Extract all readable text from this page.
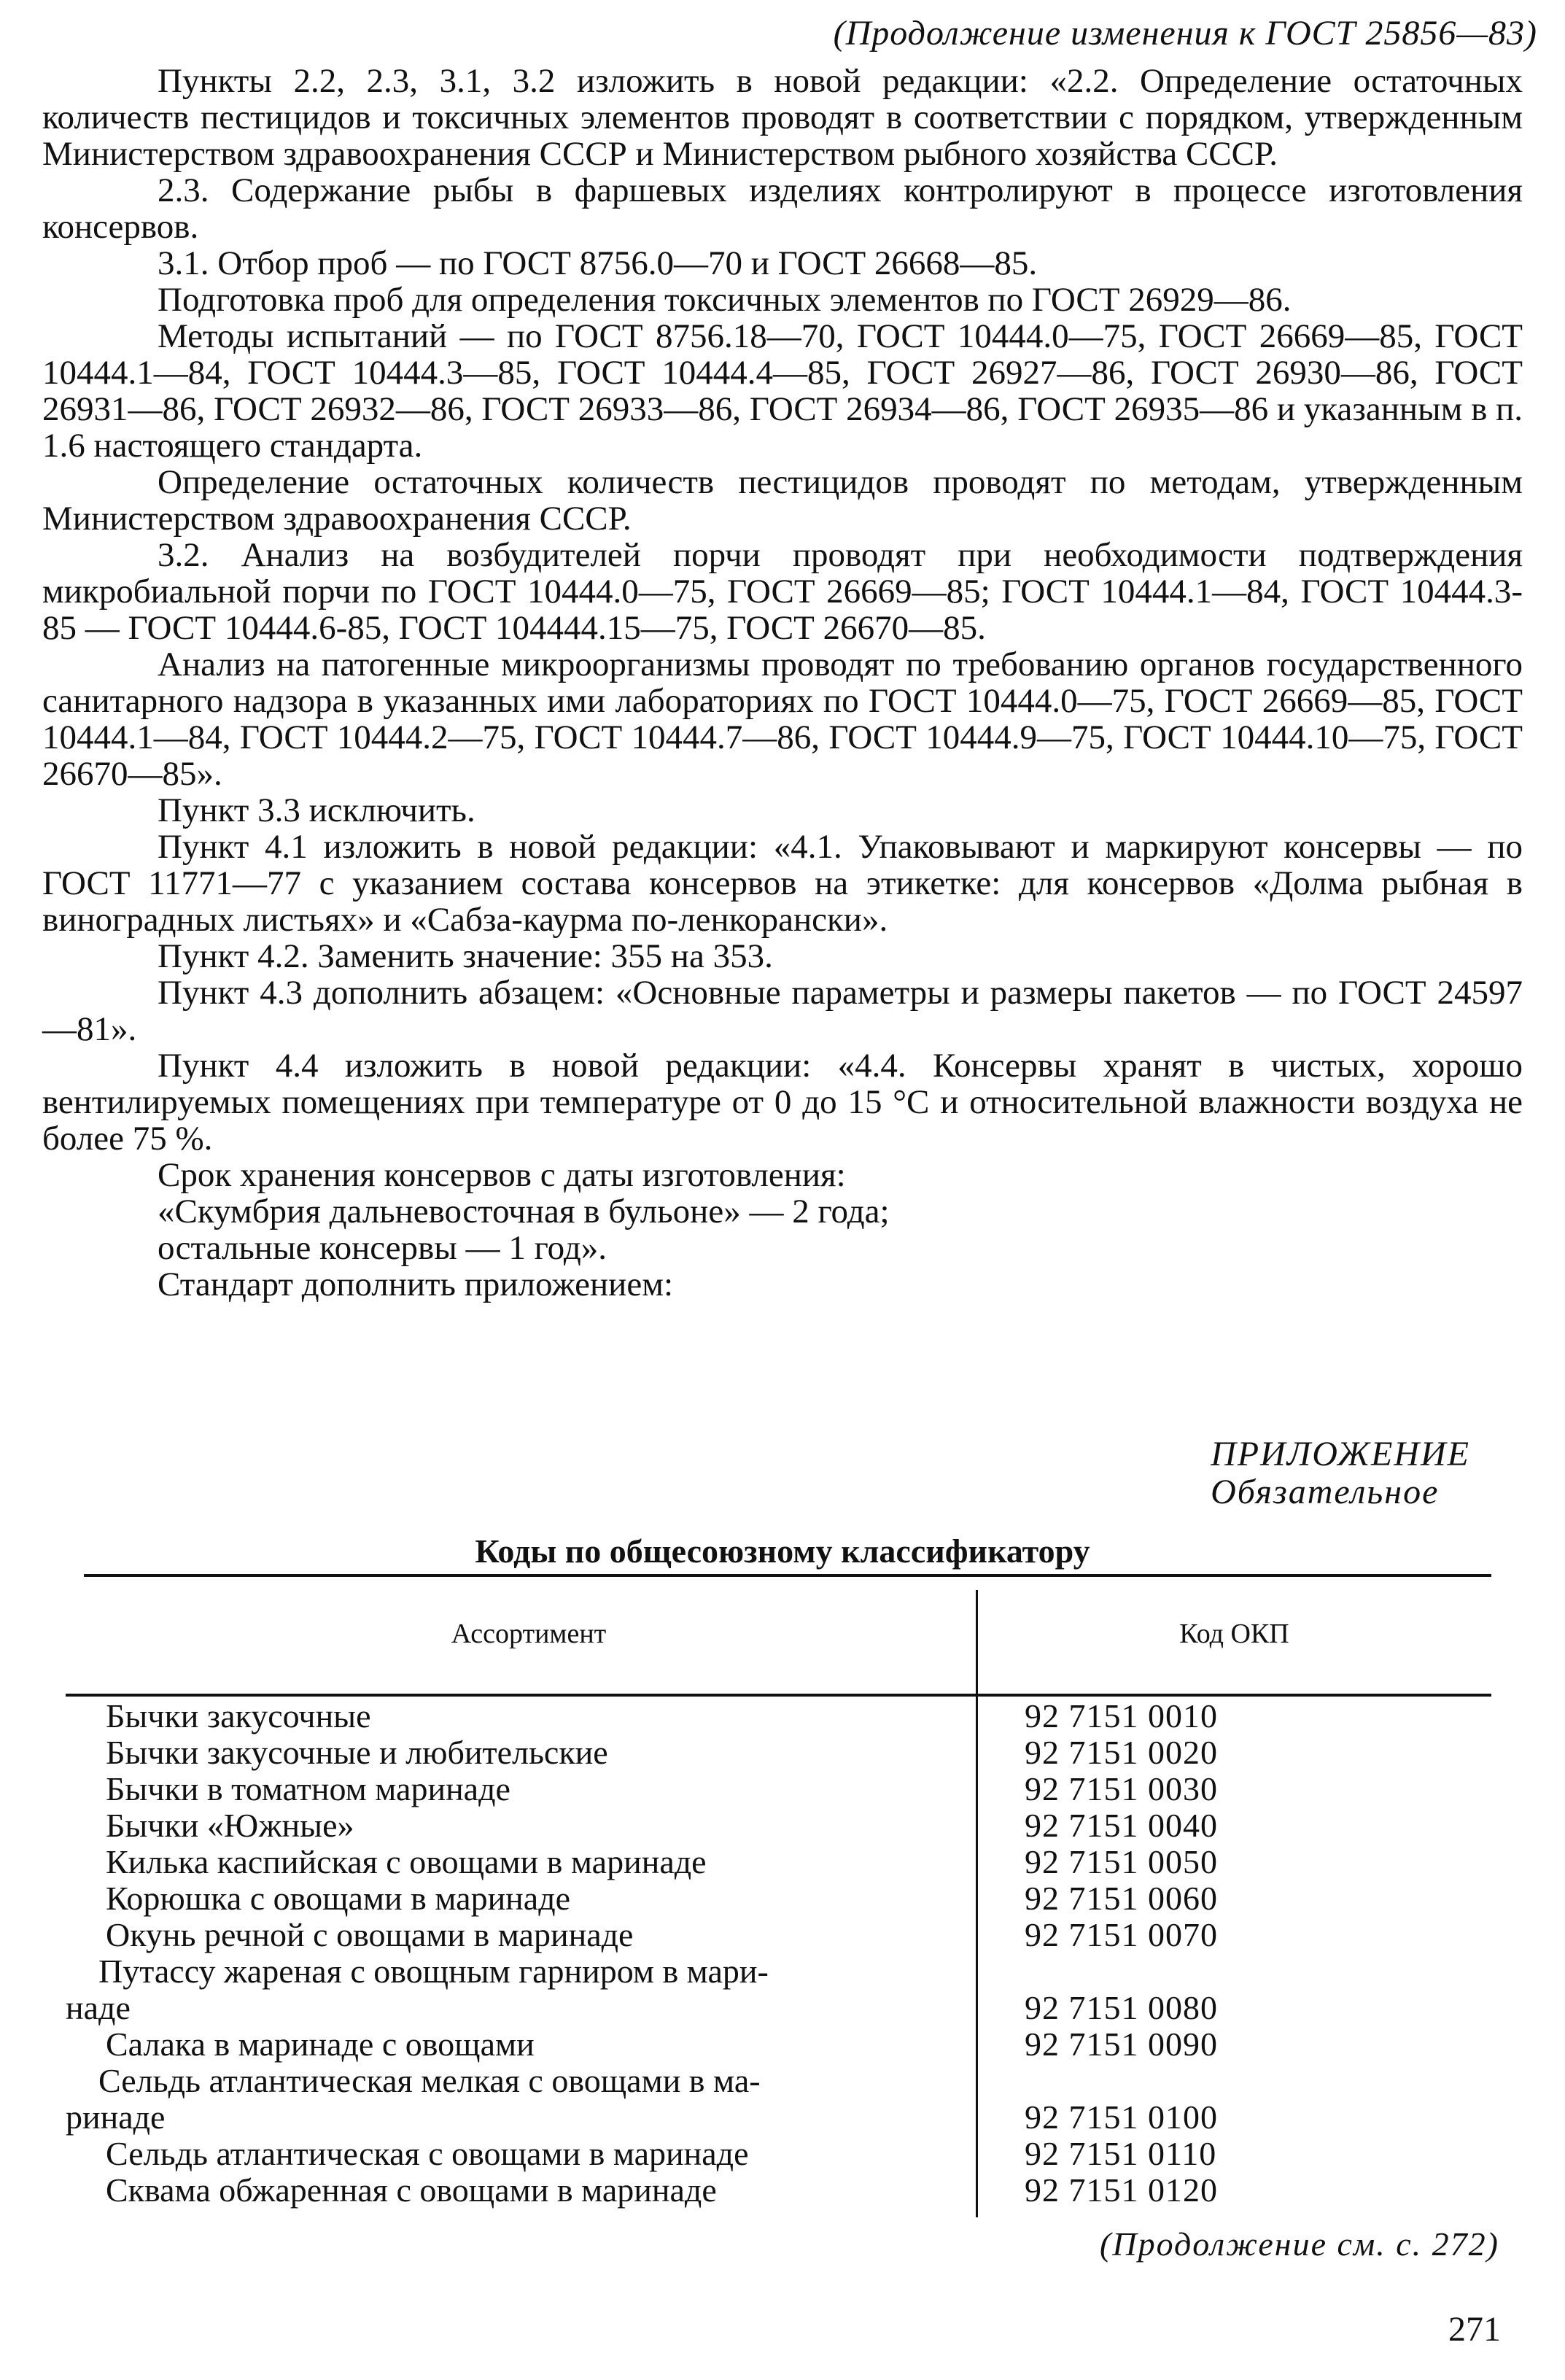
(Продолжение изменения к ГОСТ 25856—83)

Пункты 2.2, 2.3, 3.1, 3.2 изложить в новой редакции: «2.2. Определение остаточных количеств пестицидов и токсичных элементов проводят в соответствии с порядком, утвержденным Министерством здравоохранения СССР и Министерством рыбного хозяйства СССР.

2.3. Содержание рыбы в фаршевых изделиях контролируют в процессе изготовления консервов.

3.1. Отбор проб — по ГОСТ 8756.0—70 и ГОСТ 26668—85.

Подготовка проб для определения токсичных элементов по ГОСТ 26929—86.

Методы испытаний — по ГОСТ 8756.18—70, ГОСТ 10444.0—75, ГОСТ 26669—85, ГОСТ 10444.1—84, ГОСТ 10444.3—85, ГОСТ 10444.4—85, ГОСТ 26927—86, ГОСТ 26930—86, ГОСТ 26931—86, ГОСТ 26932—86, ГОСТ 26933—86, ГОСТ 26934—86, ГОСТ 26935—86 и указанным в п. 1.6 настоящего стандарта.

Определение остаточных количеств пестицидов проводят по методам, утвержденным Министерством здравоохранения СССР.

3.2. Анализ на возбудителей порчи проводят при необходимости подтверждения микробиальной порчи по ГОСТ 10444.0—75, ГОСТ 26669—85; ГОСТ 10444.1—84, ГОСТ 10444.3-85 — ГОСТ 10444.6-85, ГОСТ 104444.15—75, ГОСТ 26670—85.

Анализ на патогенные микроорганизмы проводят по требованию органов государственного санитарного надзора в указанных ими лабораториях по ГОСТ 10444.0—75, ГОСТ 26669—85, ГОСТ 10444.1—84, ГОСТ 10444.2—75, ГОСТ 10444.7—86, ГОСТ 10444.9—75, ГОСТ 10444.10—75, ГОСТ 26670—85».

Пункт 3.3 исключить.

Пункт 4.1 изложить в новой редакции: «4.1. Упаковывают и маркируют консервы — по ГОСТ 11771—77 с указанием состава консервов на этикетке: для консервов «Долма рыбная в виноградных листьях» и «Сабза-каурма по-ленкорански».

Пункт 4.2. Заменить значение: 355 на 353.

Пункт 4.3 дополнить абзацем: «Основные параметры и размеры пакетов — по ГОСТ 24597—81».

Пункт 4.4 изложить в новой редакции: «4.4. Консервы хранят в чистых, хорошо вентилируемых помещениях при температуре от 0 до 15 °С и относительной влажности воздуха не более 75 %.

Срок хранения консервов с даты изготовления:

«Скумбрия дальневосточная в бульоне» — 2 года;

остальные консервы — 1 год».

Стандарт дополнить приложением:

ПРИЛОЖЕНИЕ
Обязательное
Коды по общесоюзному классификатору
Ассортимент	Код ОКП
Бычки закусочные	92 7151 0010
Бычки закусочные и любительские	92 7151 0020
Бычки в томатном маринаде	92 7151 0030
Бычки «Южные»	92 7151 0040
Килька каспийская с овощами в маринаде	92 7151 0050
Корюшка с овощами в маринаде	92 7151 0060
Окунь речной с овощами в маринаде	92 7151 0070
Путассу жареная с овощным гарниром в мари-
наде	92 7151 0080
Салака в маринаде с овощами	92 7151 0090
Сельдь атлантическая мелкая с овощами в ма-
ринаде	92 7151 0100
Сельдь атлантическая с овощами в маринаде	92 7151 0110
Сквама обжаренная с овощами в маринаде	92 7151 0120
(Продолжение см. с. 272)
271
